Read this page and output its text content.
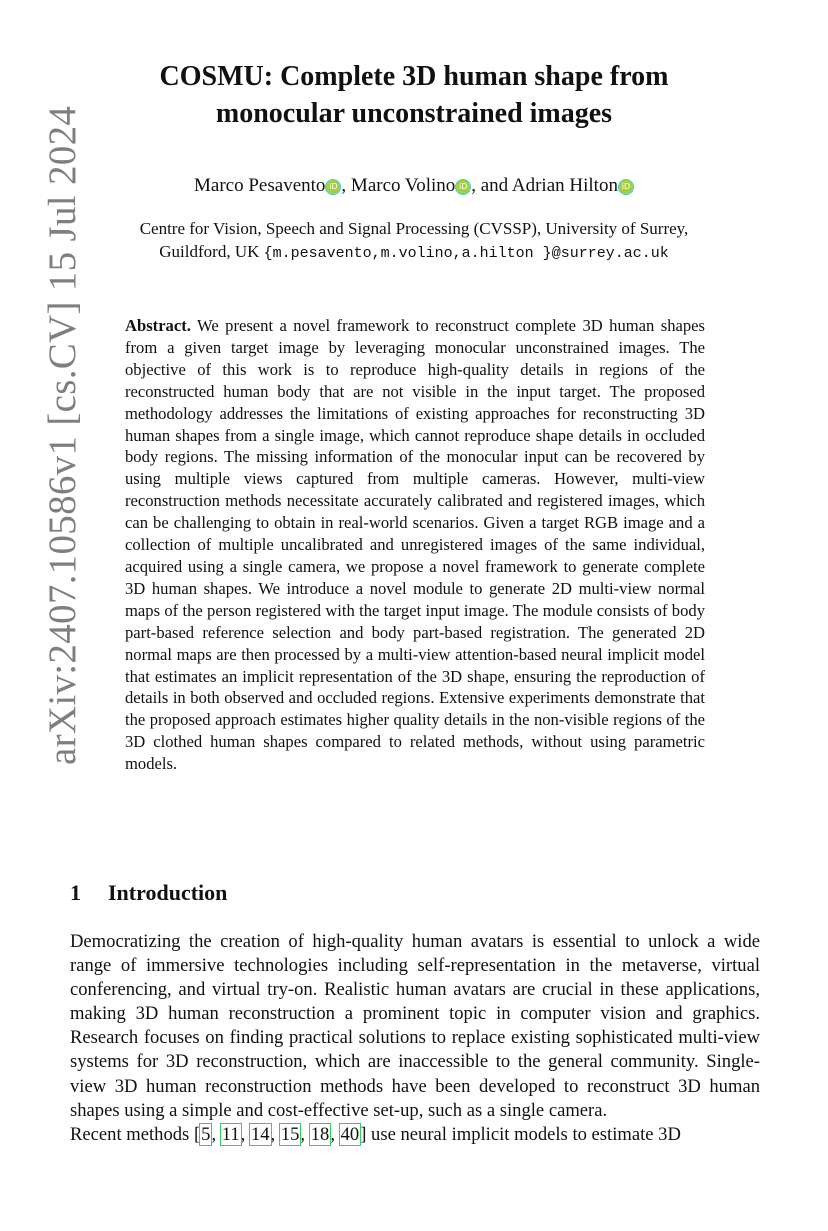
arXiv:2407.10586v1 [cs.CV] 15 Jul 2024
COSMU: Complete 3D human shape from
monocular unconstrained images
Marco Pesavento iD , Marco Volino iD , and Adrian Hilton iD
Centre for Vision, Speech and Signal Processing (CVSSP), University of Surrey,
Guildford, UK {m.pesavento,m.volino,a.hilton }@surrey.ac.uk
Abstract. We present a novel framework to reconstruct complete 3D human shapes from a given target image by leveraging monocular unconstrained images. The objective of this work is to reproduce high-quality details in regions of the reconstructed human body that are not visible in the input target. The proposed methodology addresses the limitations of existing approaches for reconstructing 3D human shapes from a single image, which cannot reproduce shape details in occluded body regions. The missing information of the monocular input can be recovered by using multiple views captured from multiple cameras. However, multi-view reconstruction methods necessitate accurately calibrated and registered images, which can be challenging to obtain in real-world scenarios. Given a target RGB image and a collection of multiple uncalibrated and unregistered images of the same individual, acquired using a single camera, we propose a novel framework to generate complete 3D human shapes. We introduce a novel module to generate 2D multi-view normal maps of the person registered with the target input image. The module consists of body part-based reference selection and body part-based registration. The generated 2D normal maps are then processed by a multi-view attention-based neural implicit model that estimates an implicit representation of the 3D shape, ensuring the reproduction of details in both observed and occluded regions. Extensive experiments demonstrate that the proposed approach estimates higher quality details in the non-visible regions of the 3D clothed human shapes compared to related methods, without using parametric models.
1 Introduction
Democratizing the creation of high-quality human avatars is essential to unlock a wide range of immersive technologies including self-representation in the metaverse, virtual conferencing, and virtual try-on. Realistic human avatars are crucial in these applications, making 3D human reconstruction a prominent topic in computer vision and graphics. Research focuses on finding practical solutions to replace existing sophisticated multi-view systems for 3D reconstruction, which are inaccessible to the general community. Single-view 3D human reconstruction methods have been developed to reconstruct 3D human shapes using a simple and cost-effective set-up, such as a single camera.
Recent methods [5, 11, 14, 15, 18, 40] use neural implicit models to estimate 3D
